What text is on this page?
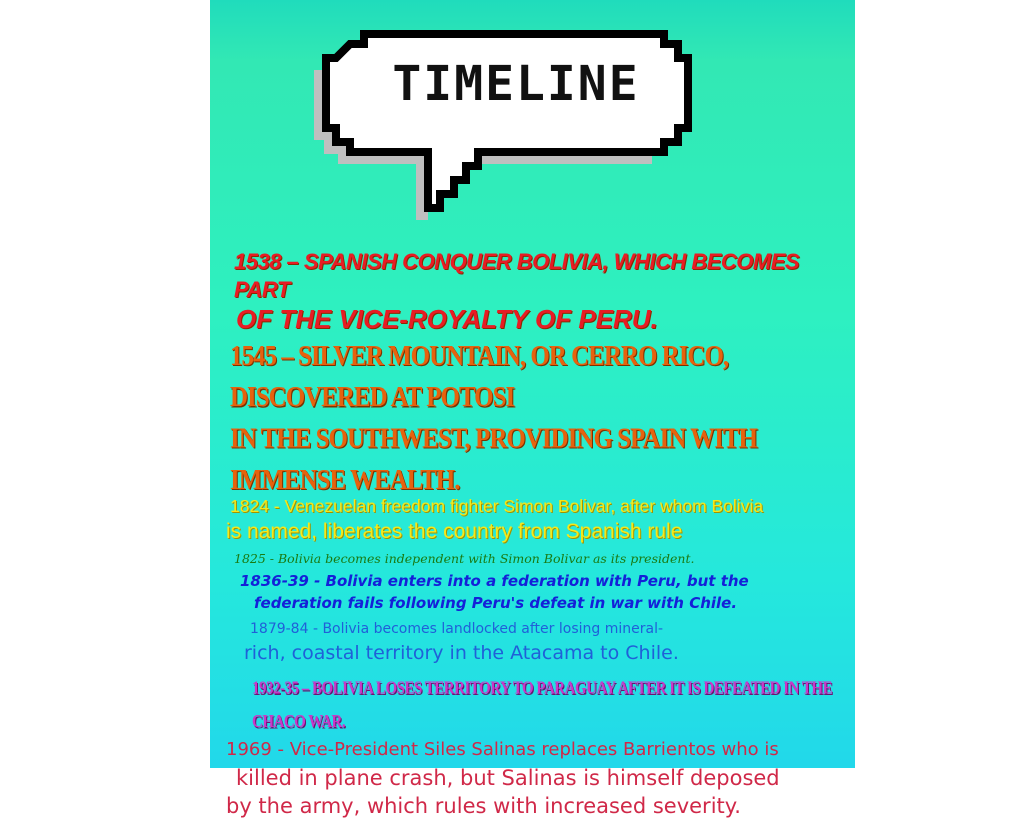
TIMELINE
1538 – SPANISH CONQUER BOLIVIA, WHICH BECOMES PART
OF THE VICE-ROYALTY OF PERU.
1545 – SILVER MOUNTAIN, OR CERRO RICO, DISCOVERED AT POTOSI
IN THE SOUTHWEST, PROVIDING SPAIN WITH IMMENSE WEALTH.
1824 - Venezuelan freedom fighter Simon Bolivar, after whom Bolivia
is named, liberates the country from Spanish rule
1825 - Bolivia becomes independent with Simon Bolivar as its president.
1836-39 - Bolivia enters into a federation with Peru, but the
federation fails following Peru's defeat in war with Chile.
1879-84 - Bolivia becomes landlocked after losing mineral-
rich, coastal territory in the Atacama to Chile.
1932-35 – BOLIVIA LOSES TERRITORY TO PARAGUAY AFTER IT IS DEFEATED IN THE CHACO WAR.
1969 - Vice-President Siles Salinas replaces Barrientos who is
killed in plane crash, but Salinas is himself deposed
by the army, which rules with increased severity.
